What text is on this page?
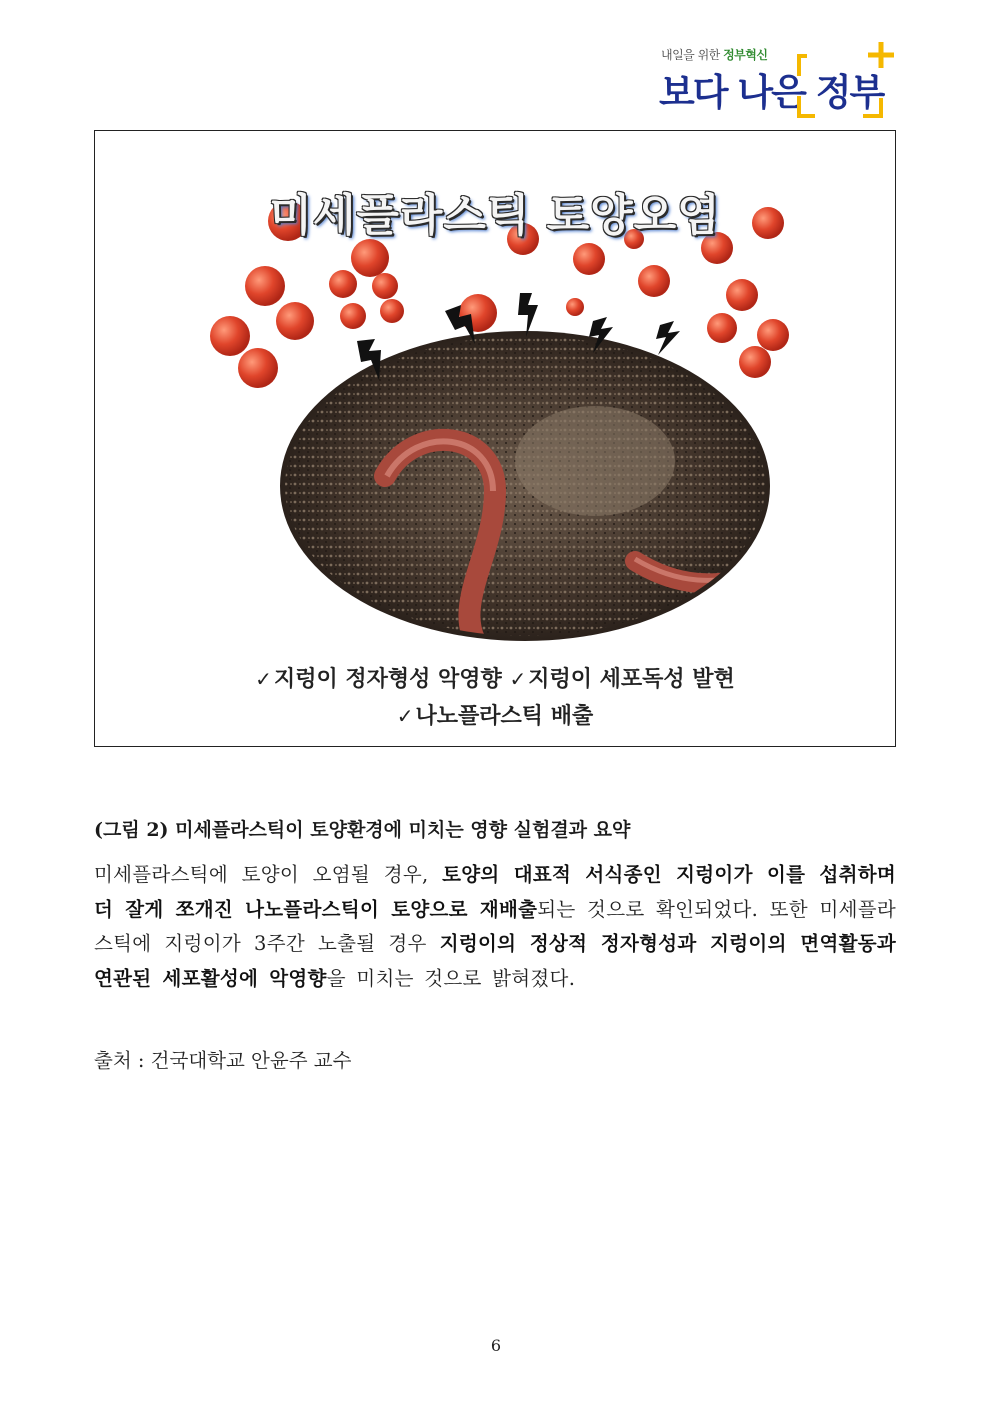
내일을 위한 정부혁신
보다 나은 정부
미세플라스틱 토양오염
✓지렁이 정자형성 악영향 ✓지렁이 세포독성 발현
✓나노플라스틱 배출
(그림 2) 미세플라스틱이 토양환경에 미치는 영향 실험결과 요약
미세플라스틱에 토양이 오염될 경우, 토양의 대표적 서식종인 지렁이가 이를 섭취하며 더 잘게 쪼개진 나노플라스틱이 토양으로 재배출되는 것으로 확인되었다. 또한 미세플라스틱에 지렁이가 3주간 노출될 경우 지렁이의 정상적 정자형성과 지렁이의 면역활동과 연관된 세포활성에 악영향을 미치는 것으로 밝혀졌다.
출처 : 건국대학교 안윤주 교수
6
